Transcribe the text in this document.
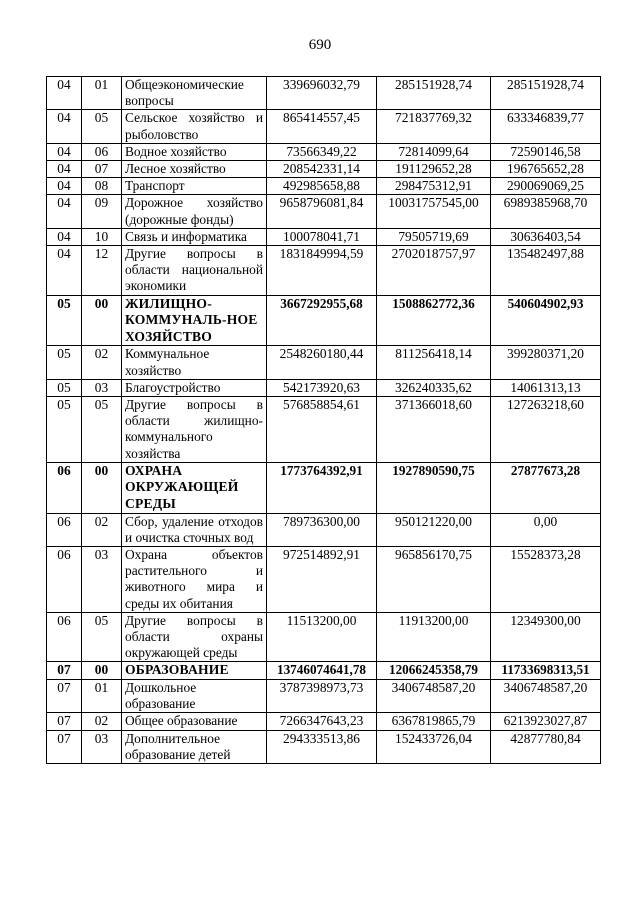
690
04	01	Общеэкономические вопросы	339696032,79	285151928,74	285151928,74
04	05	Сельское хозяйство и рыболовство	865414557,45	721837769,32	633346839,77
04	06	Водное хозяйство	73566349,22	72814099,64	72590146,58
04	07	Лесное хозяйство	208542331,14	191129652,28	196765652,28
04	08	Транспорт	492985658,88	298475312,91	290069069,25
04	09	Дорожное хозяйство (дорожные фонды)	9658796081,84	10031757545,00	6989385968,70
04	10	Связь и информатика	100078041,71	79505719,69	30636403,54
04	12	Другие вопросы в области национальной экономики	1831849994,59	2702018757,97	135482497,88
05	00	ЖИЛИЩНО-КОММУНАЛЬ-НОЕ ХОЗЯЙСТВО	3667292955,68	1508862772,36	540604902,93
05	02	Коммунальное хозяйство	2548260180,44	811256418,14	399280371,20
05	03	Благоустройство	542173920,63	326240335,62	14061313,13
05	05	Другие вопросы в области жилищно-коммунального хозяйства	576858854,61	371366018,60	127263218,60
06	00	ОХРАНА ОКРУЖАЮЩЕЙ СРЕДЫ	1773764392,91	1927890590,75	27877673,28
06	02	Сбор, удаление отходов и очистка сточных вод	789736300,00	950121220,00	0,00
06	03	Охрана объектов растительного и животного мира и среды их обитания	972514892,91	965856170,75	15528373,28
06	05	Другие вопросы в области охраны окружающей среды	11513200,00	11913200,00	12349300,00
07	00	ОБРАЗОВАНИЕ	13746074641,78	12066245358,79	11733698313,51
07	01	Дошкольное образование	3787398973,73	3406748587,20	3406748587,20
07	02	Общее образование	7266347643,23	6367819865,79	6213923027,87
07	03	Дополнительное образование детей	294333513,86	152433726,04	42877780,84
